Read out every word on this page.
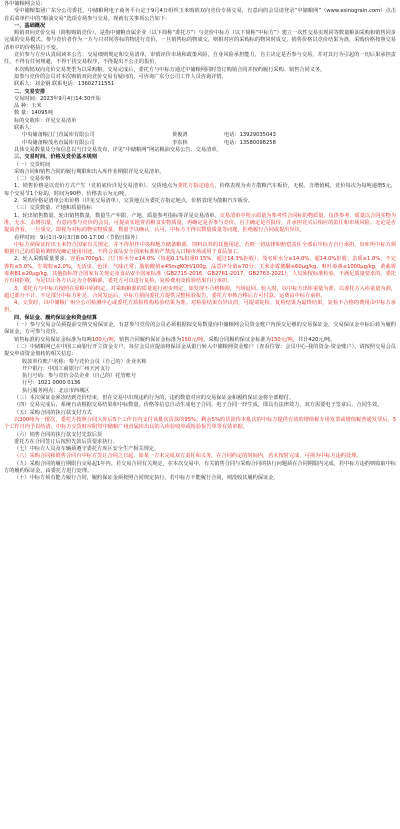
各中储粮网会员：

受中储粮集团广东分公司委托，中储粮网电子商务平台定于9月4日组织玉米购销双向竞价专场交易，有意向的会员请登录“中储粮网”（www.esinograin.com）点击首页菜单栏中的“粮油交易”选项专场参与交易。现就有关事项公告如下：

一、基础概况

购销双向竞价交易（简称购销竞价），是指中储粮直属企业（以下简称“委托方”）与竞价中标方（以下简称“中标方”）建立一次性交易实现同等数量粮油采购和销售同步完成的交易模式。参与竞价者作为一方与只对同等标的物进行竞价，一旦销售标的物成交，则相对应的采购标的物同时成交。销售价格以竞价结果为准，采购价格按照交易清单中的价格执行不变。

竞价参与方应认真阅读本公告、交易细则规定和交易清单，审慎评价市场和政策风险，自身风险承担能力，自主决定是否参与交易，并对其行为引起的一切后果承担责任，不得有任何规避，不得干扰交易程序，不得提出不公正的报价。

本次购销双向竞价交易类型为以采购粮，交易完成后，委托方与中标方通过中储粮网同时签订购销合同并按约履行采购、销售合同义务。

拟参与竞价的会员对本次购销双向竞价交易有疑问的，可咨询广东分公司工作人员咨询详情。

联系人：刘金钢 联系电话：13602711551

二、交易安排

交易时间：2023年9月4日14:30开始

品 种：玉米

数 量：14095吨

标的交收库：详见交易清单

联系人：

中央储备粮江门直属库有限公司	黄俊鸿	电话：13929035043
中央储备粮茂名直属库有限公司	李东林	电话：13580098258

具体交易数量及分布信息以当日交易发布，详见“中储粮网”网站粮油交易公告、交易清单。

三、交易时间、价格及竞价基本规则

（一）交货时间

采购合同和销售合同的履行期限和出入库作业期限详见交易清单。

（二）交易价格

1、销售价格是以竞价方式产生（竞拍底价详见交易清单），交货地点为委托方指定地点，价格表现为卖方散粮汽车板价，无税、含增值税，竞价每次为每吨递增5元，每个交易节1个标的，时间为90秒，价格表示为元/吨。

2、采购价格是清单公布价格（详见交易清单），交货地点为委托方指定地点，价格表现为散粮汽车板价。

（三）交货数量、产地和质量指标

1、轮出销售数量。轮出销售数量，数量生产年限、产地、质量参考指标等详见交易清单。交易清单中所示质量为参考性合同标的物质量，仅供参考，质量以合同实物为准，无水、杂增扣量，有意向参与竞价的会员，可提前实地查看粮食实物质量，再确定是否参与竞价。自主确定是否报价，并承担竞买后相应的责任和市场风险。无论是否提前查看，一旦成交，即视为对标的物实物质量、数量予以确认、认可，中标方不得以数量质量等问题，拒绝履行合同或提出异议。

看样时间：9月1日-9月3日8:00-17:00（节假日除外）

中标方须保证轮出玉米符合国家有关规定，并不得用作中央和地方储备粮源、饲料以外的其他用途。否则一切法律和赔偿责任全部由中标方自行承担。出库所中标方须根据自己的质量检测情况确定使用用途，不得会食品安全国家标准的严禁流入口粮市场或用于食品加工。

2、轮入采购质量要求。容重≥700g/L；江门库水分≤14.0%（每超0.1%扣重0.15%，超过14.3%拒收）；茂名库水分≤14.0%，超14.0%拒收；杂质≤1.0%，不完善粒≤5.0%，生霉粒≤2.0%，无活虫、色泽、气味正常；脂肪酸值≤45mgKOH/100g，品尝评分值≥70分；玉米赤霉烯酮≤60μg/kg，呕吐毒素≤1000μg/kg，黄曲霉毒素B1≤20μg/kg，其他指标符合国家有关规定及食品安全国家标准（GB2715-2016、GB2761-2017、GB2763-2021），人员须按标准检验、不满足质量要求的，委托方有权拒收，为足以让各方认定为合格粮源，委托方可以进行复检，复检费用及检验结果自行承担。

3、委托方与中标方按照在原粮中的约定，对采购粮源的质量进行初步判定，如发现不合格粮源，当场退回。轮入时，以中标方出库重量为准，以委托方入库重量为准，超过部分不计，不足部分中标方补足。合同发运后，中标方须向委托方提供完整检验报告，委托方审核合格后方可付款。运费由中标方承担。

4、交货时，以中储粮广州分公司检测中心或委托方质检机构检验结果为准。对检验结果有异议的，可提请复检，复检结果为最终结果，复检不合格的费用由中标方承担。

四、保证金、履约保证金和资金结算

（一）参与交易会员须提前交纳交易保证金。有意参与竞价的会员必须根据拟交易数量向中储粮网会员资金账户内预交足够的交易保证金。交易保证金中标后转为履约保证金，方可参与竞价。

销售标准的交易保证金标准为每吨100元/吨，销售合同履约保证金标准为150元/吨，采购合同履约保证金标准为150元/吨，共计420元/吨。

（二）中储粮网已在中国工商银行开立资金专户，每位会员应提前将保证金从银行转入中储粮网资金账户（查看位置：会员中心-我的资金-资金账户），请按照交易会员提交申请资金划转的相关信息：

收款单位账户名称：参与竞价会员（自己的）企业名称

开户银行：中国工商银行广州天河支行

执行号码：参与竞价会员企业（自己的）托管账号

行号：1021 0000 0136

执行服务网点：北京市西城区

（三）本次保证金须冻结到竞价结束，但在交易中出现违约行为的，违约数量对应的交易保证金和履约保证金将全部赔付。

（四）交易完成后，系统自动根据交易结果和中标数量，价格等信息自动生成电子合同，电子合同一经生成，即具有法律效力，双方需要电子签章后，合同生效。

（五）采购合同的执行款支付方式

以300吨为一批次，委托方按照合同入库后5个工作日内支付该批次货款的95%，剩余5%的货款待本批次的中标方提供有效的增值税专用发票或增值税普通发票后，5个工作日内予以结清。中标方交货时应附带中储粮广州直属库出具的入库验收单或检验报告单等有效单据。

（六）销售合同的执行款支付先款后货

委托方在合同签订后按照先款后货要求执行。

（七）中标方人员及车辆须遵守委托方库区安全生产相关规定。

（八）采购合同和销售合同自中标方签订合同之日起，如某一方未完成双方责任和义务，在合同约定的时间内，若未按时完成，可视为中标方违约处理。

（九）采购合同的履行期限自交易起1年内。若交易合同有关规定，在本次交易中，有关销售合同与采购合同的执行问题须在合同期限内完成，若中标方违约则收取中标方的履约保证金，由委托方进行处理。

（十）中标方须有能力履行合同，履约保证金须按照合同规定执行。若中标方不能履行合同，则没收其履约保证金。
